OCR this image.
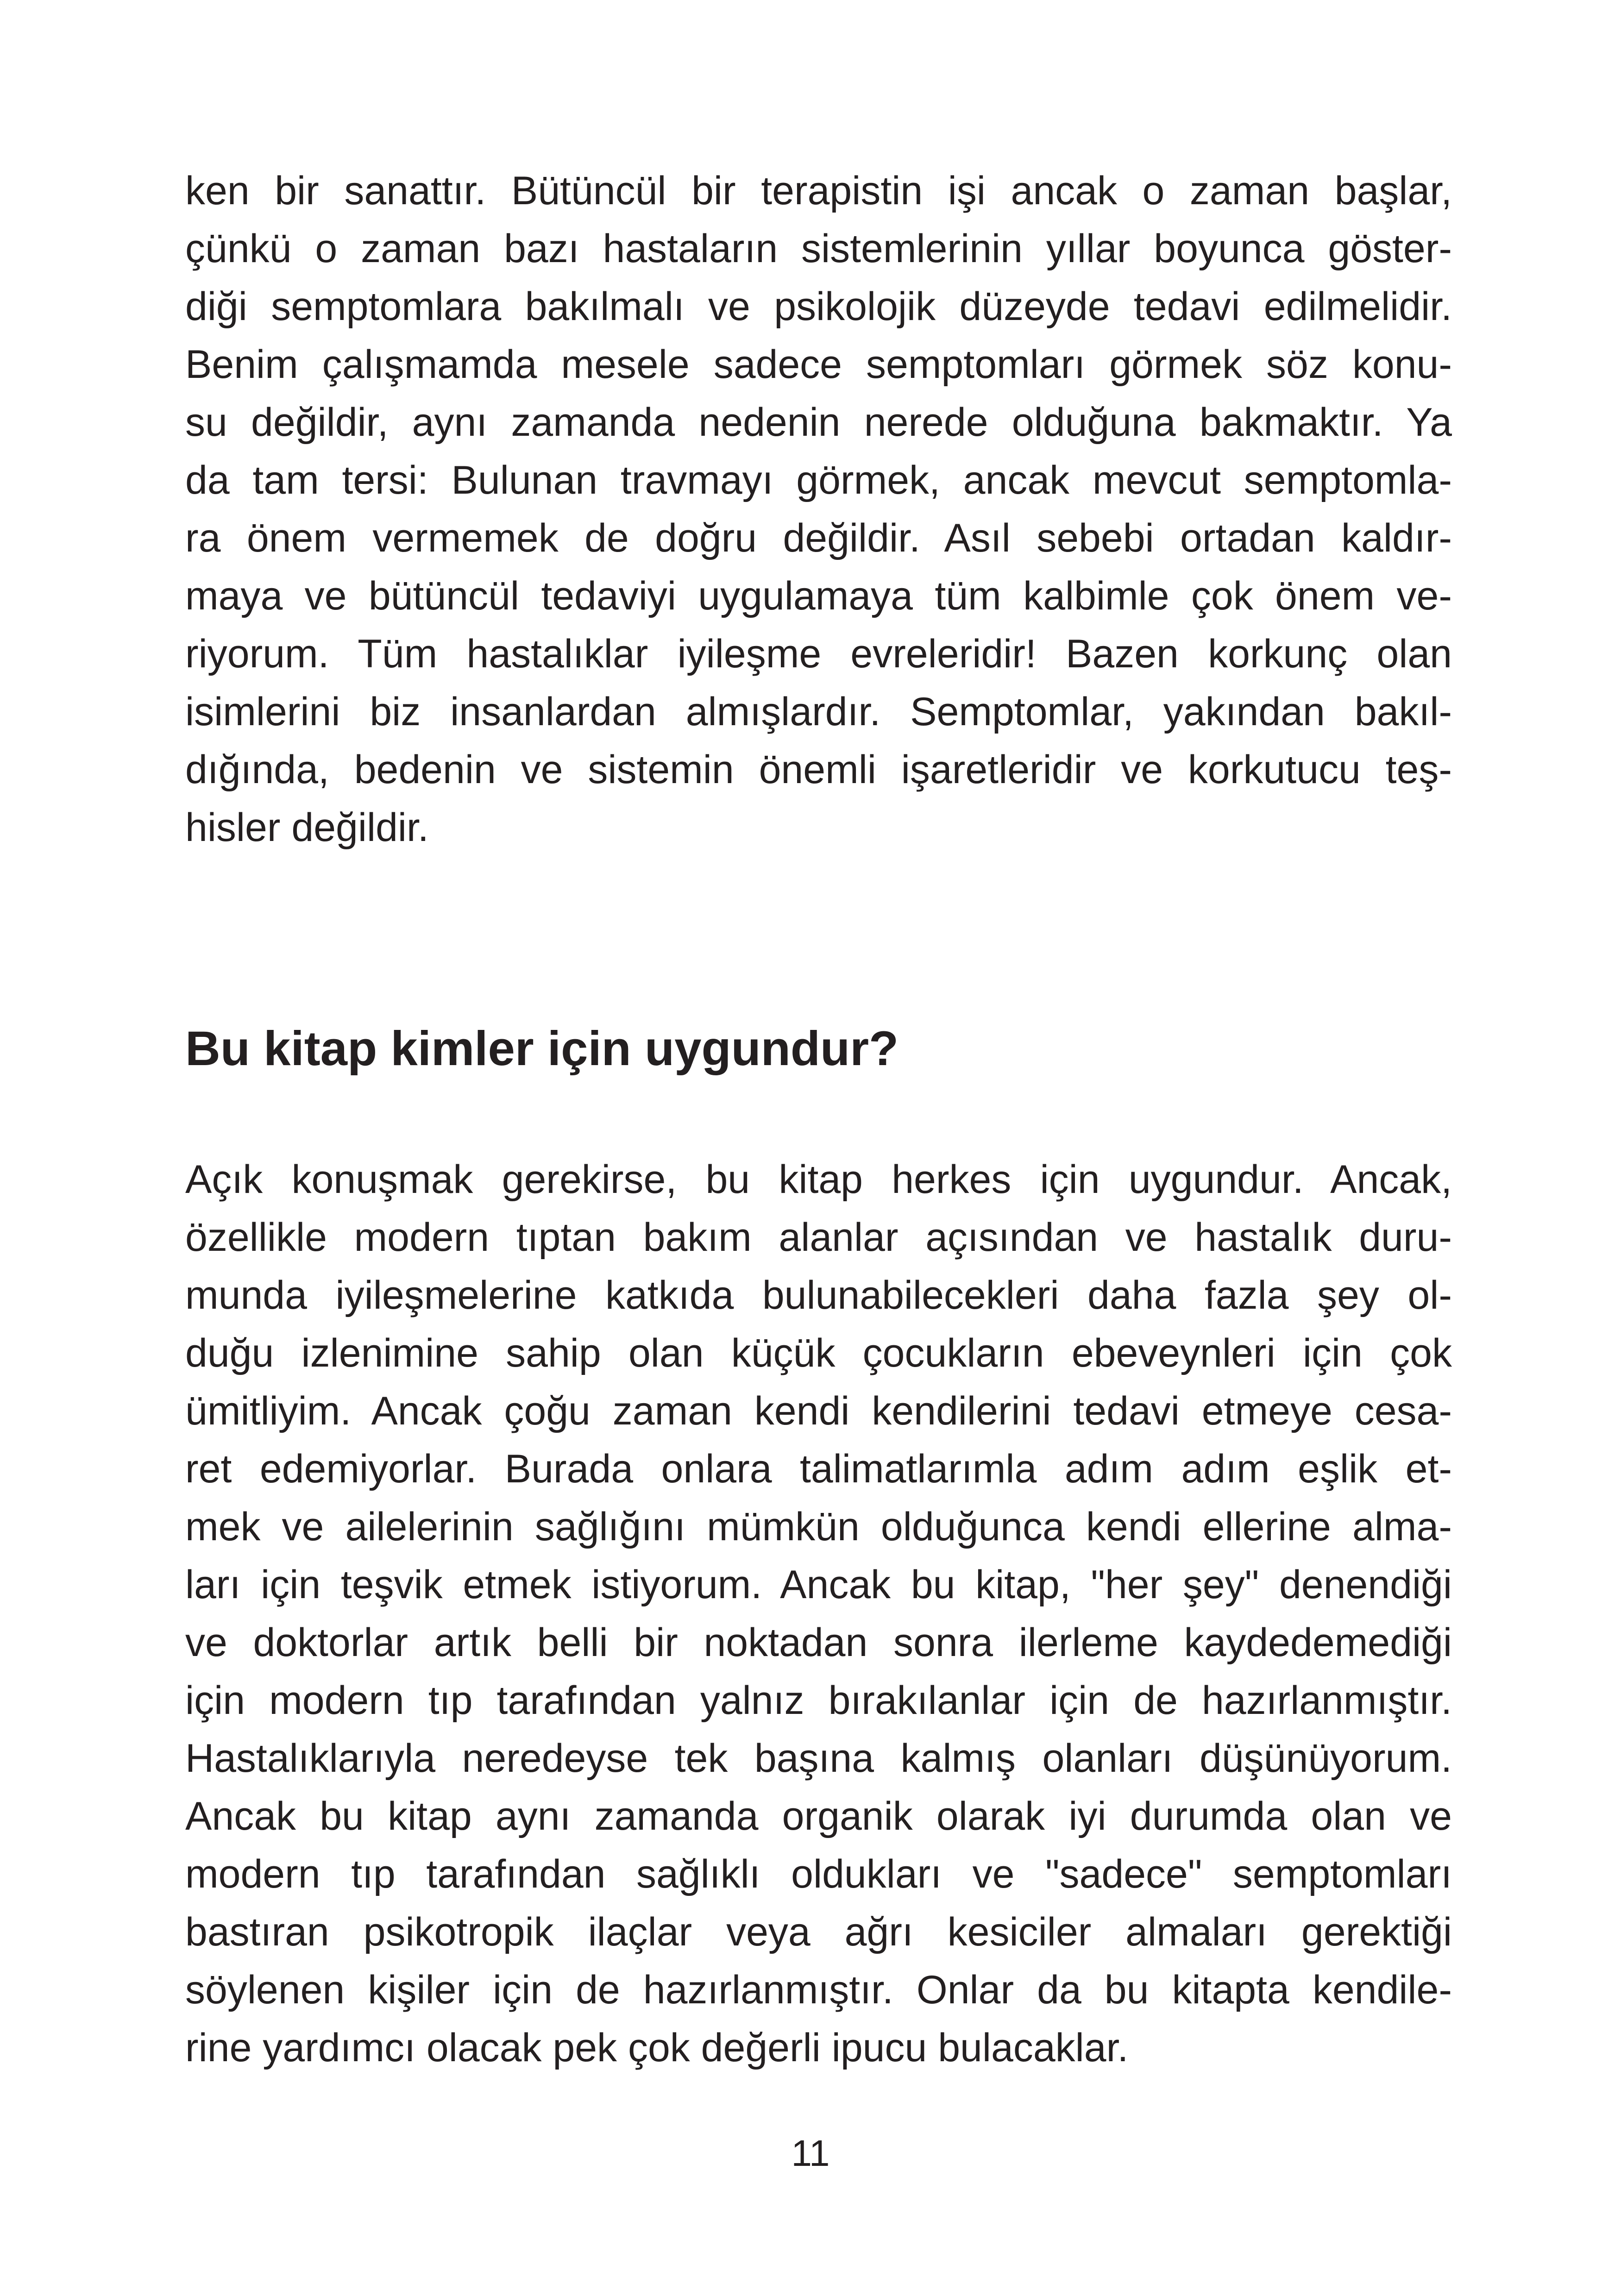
ken bir sanattır. Bütüncül bir terapistin işi ancak o zaman başlar,
çünkü o zaman bazı hastaların sistemlerinin yıllar boyunca göster-
diği semptomlara bakılmalı ve psikolojik düzeyde tedavi edilmelidir.
Benim çalışmamda mesele sadece semptomları görmek söz konu-
su değildir, aynı zamanda nedenin nerede olduğuna bakmaktır. Ya
da tam tersi: Bulunan travmayı görmek, ancak mevcut semptomla-
ra önem vermemek de doğru değildir. Asıl sebebi ortadan kaldır-
maya ve bütüncül tedaviyi uygulamaya tüm kalbimle çok önem ve-
riyorum. Tüm hastalıklar iyileşme evreleridir! Bazen korkunç olan
isimlerini biz insanlardan almışlardır. Semptomlar, yakından bakıl-
dığında, bedenin ve sistemin önemli işaretleridir ve korkutucu teş-
hisler değildir.
Bu kitap kimler için uygundur?
Açık konuşmak gerekirse, bu kitap herkes için uygundur. Ancak,
özellikle modern tıptan bakım alanlar açısından ve hastalık duru-
munda iyileşmelerine katkıda bulunabilecekleri daha fazla şey ol-
duğu izlenimine sahip olan küçük çocukların ebeveynleri için çok
ümitliyim. Ancak çoğu zaman kendi kendilerini tedavi etmeye cesa-
ret edemiyorlar. Burada onlara talimatlarımla adım adım eşlik et-
mek ve ailelerinin sağlığını mümkün olduğunca kendi ellerine alma-
ları için teşvik etmek istiyorum. Ancak bu kitap, "her şey" denendiği
ve doktorlar artık belli bir noktadan sonra ilerleme kaydedemediği
için modern tıp tarafından yalnız bırakılanlar için de hazırlanmıştır.
Hastalıklarıyla neredeyse tek başına kalmış olanları düşünüyorum.
Ancak bu kitap aynı zamanda organik olarak iyi durumda olan ve
modern tıp tarafından sağlıklı oldukları ve "sadece" semptomları
bastıran psikotropik ilaçlar veya ağrı kesiciler almaları gerektiği
söylenen kişiler için de hazırlanmıştır. Onlar da bu kitapta kendile-
rine yardımcı olacak pek çok değerli ipucu bulacaklar.
11
